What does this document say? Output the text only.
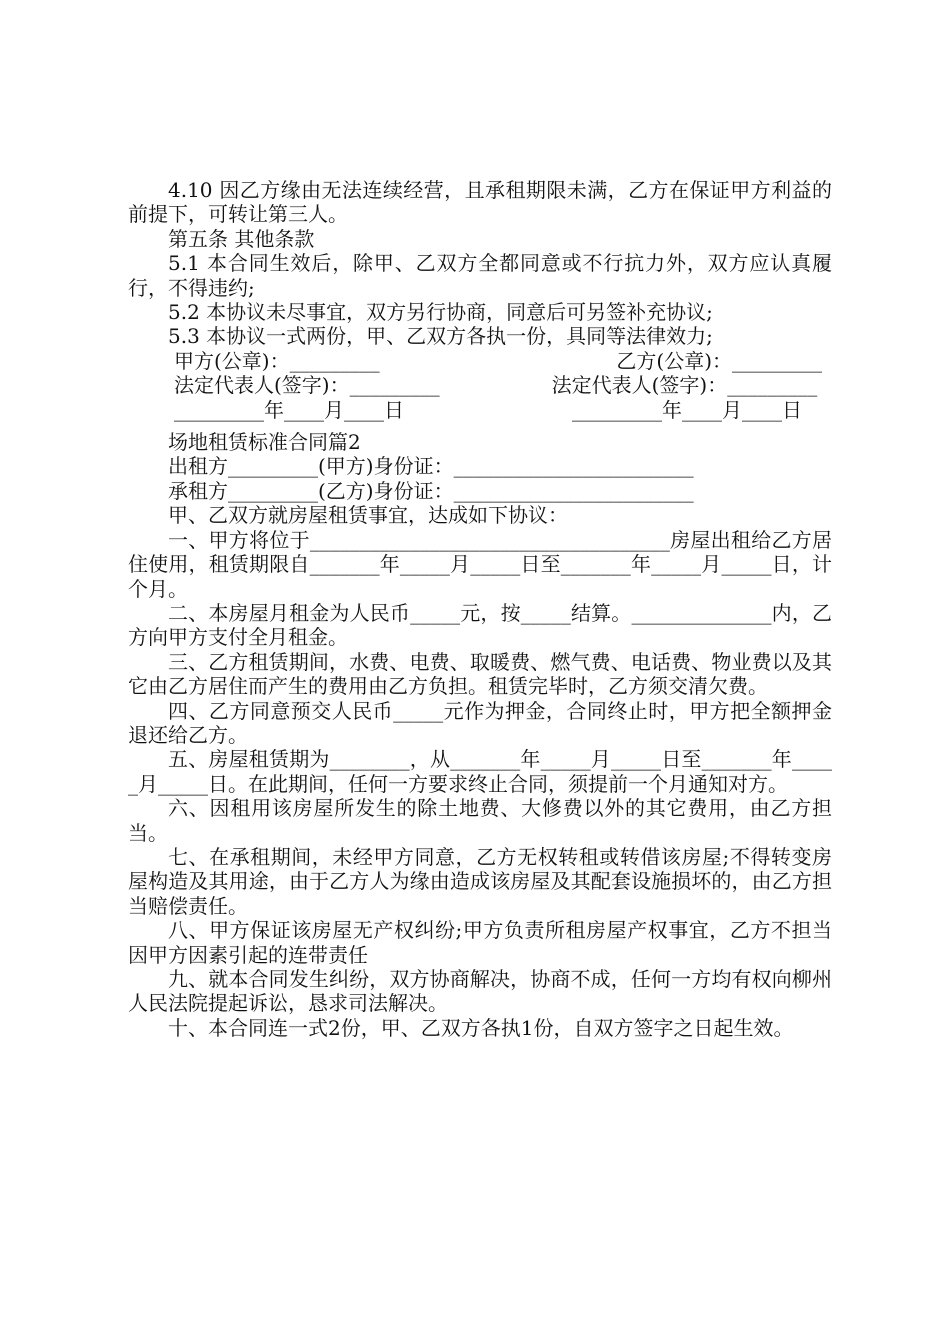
4.10 因乙方缘由无法连续经营，且承租期限未满，乙方在保证甲方利益的前提下，可转让第三人。

第五条 其他条款

5.1 本合同生效后，除甲、乙双方全都同意或不行抗力外，双方应认真履行，不得违约;

5.2 本协议未尽事宜，双方另行协商，同意后可另签补充协议;

5.3 本协议一式两份，甲、乙双方各执一份，具同等法律效力;

甲方(公章)：_________	乙方(公章)：_________

法定代表人(签字)：_________	法定代表人(签字)：_________

_________年____月____日	_________年____月____日

场地租赁标准合同篇2

出租方_________(甲方)身份证：________________________

承租方_________(乙方)身份证：________________________

甲、乙双方就房屋租赁事宜，达成如下协议：

一、甲方将位于____________________________________房屋出租给乙方居住使用，租赁期限自_______年_____月_____日至_______年_____月_____日，计个月。

二、本房屋月租金为人民币_____元，按_____结算。______________内，乙方向甲方支付全月租金。

三、乙方租赁期间，水费、电费、取暖费、燃气费、电话费、物业费以及其它由乙方居住而产生的费用由乙方负担。租赁完毕时，乙方须交清欠费。

四、乙方同意预交人民币_____元作为押金，合同终止时，甲方把全额押金退还给乙方。

五、房屋租赁期为________，从_______年_____月_____日至_______年_____月_____日。在此期间，任何一方要求终止合同，须提前一个月通知对方。

六、因租用该房屋所发生的除土地费、大修费以外的其它费用，由乙方担当。

七、在承租期间，未经甲方同意，乙方无权转租或转借该房屋;不得转变房屋构造及其用途，由于乙方人为缘由造成该房屋及其配套设施损坏的，由乙方担当赔偿责任。

八、甲方保证该房屋无产权纠纷;甲方负责所租房屋产权事宜，乙方不担当因甲方因素引起的连带责任

九、就本合同发生纠纷，双方协商解决，协商不成，任何一方均有权向柳州人民法院提起诉讼，恳求司法解决。

十、本合同连一式2份，甲、乙双方各执1份，自双方签字之日起生效。
